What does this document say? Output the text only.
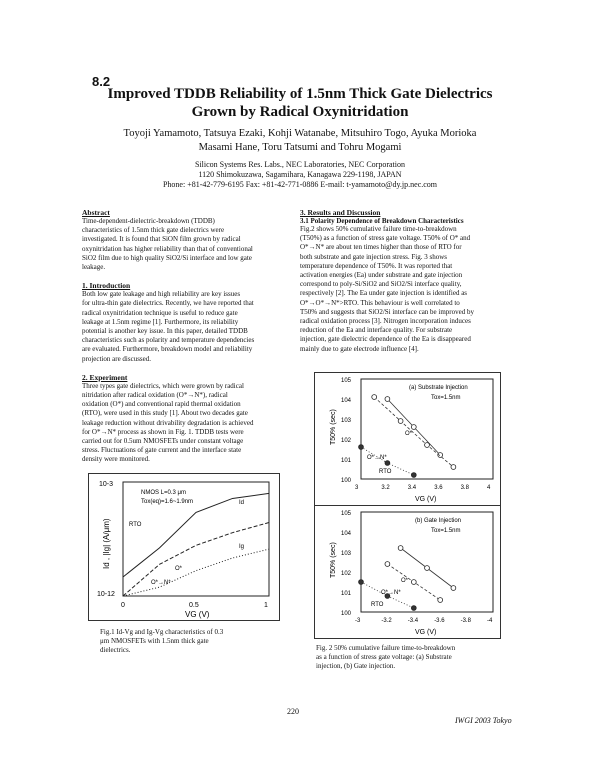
8.2
Improved TDDB Reliability of 1.5nm Thick Gate Dielectrics
Grown by Radical Oxynitridation
Toyoji Yamamoto, Tatsuya Ezaki, Kohji Watanabe, Mitsuhiro Togo, Ayuka Morioka
Masami Hane, Toru Tatsumi and Tohru Mogami
Silicon Systems Res. Labs., NEC Laboratories, NEC Corporation
1120 Shimokuzawa, Sagamihara, Kanagawa 229-1198, JAPAN
Phone: +81-42-779-6195 Fax: +81-42-771-0886 E-mail: t-yamamoto@dy.jp.nec.com
Abstract
Time-dependent-dielectric-breakdown (TDDB)
characteristics of 1.5nm thick gate dielectrics were
investigated. It is found that SiON film grown by radical
oxynitridation has higher reliability than that of conventional
SiO2 film due to high quality SiO2/Si interface and low gate
leakage.
1. Introduction
Both low gate leakage and high reliability are key issues
for ultra-thin gate dielectrics. Recently, we have reported that
radical oxynitridation technique is useful to reduce gate
leakage at 1.5nm regime [1]. Furthermore, its reliability
potential is another key issue. In this paper, detailed TDDB
characteristics such as polarity and temperature dependencies
are evaluated. Furthermore, breakdown model and reliability
projection are discussed.
2. Experiment
Three types gate dielectrics, which were grown by radical
nitridation after radical oxidation (O*→N*), radical
oxidation (O*) and conventional rapid thermal oxidation
(RTO), were used in this study [1]. About two decades gate
leakage reduction without drivability degradation is achieved
for O*→N* process as shown in Fig. 1. TDDB tests were
carried out for 0.5um NMOSFETs under constant voltage
stress. Fluctuations of gate current and the interface state
density were monitored.
3. Results and Discussion
3.1 Polarity Dependence of Breakdown Characteristics
Fig.2 shows 50% cumulative failure time-to-breakdown
(T50%) as a function of stress gate voltage. T50% of O* and
O*→N* are about ten times higher than those of RTO for
both substrate and gate injection stress. Fig. 3 shows
temperature dependence of T50%. It was reported that
activation energies (Ea) under substrate and gate injection
correspond to poly-Si/SiO2 and SiO2/Si interface quality,
respectively [2]. The Ea under gate injection is identified as
O*→O*→N*>RTO. This behaviour is well correlated to
T50% and suggests that SiO2/Si interface can be improved by
radical oxidation process [3]. Nitrogen incorporation induces
reduction of the Ea and interface quality. For substrate
injection, gate dielectric dependence of the Ea is disappeared
mainly due to gate electrode influence [4].
10-3
10-12
0	0.5	1
VG (V)
Id , |Ig| (A/μm)
NMOS L=0.3 μm
Tox(eq)=1.6~1.9nm
RTO
O*
O*→N*
Id
Ig
Fig.1 Id-Vg and Ig-Vg characteristics of 0.3
μm NMOSFETs with 1.5nm thick gate
dielectrics.
(a) Substrate Injection
Tox=1.5nm
T50% (sec)
VG (V)
105
104
103
102
101
100
3	3.2	3.4	3.6	3.8	4
O*
O*→N*
RTO
(b) Gate Injection
Tox=1.5nm
T50% (sec)
VG (V)
105
104
103
102
101
100
-3	-3.2	-3.4	-3.6	-3.8	-4
O*
O*→N*
RTO
Fig. 2 50% cumulative failure time-to-breakdown
as a function of stress gate voltage: (a) Substrate
injection, (b) Gate injection.
220
IWGI 2003 Tokyo
